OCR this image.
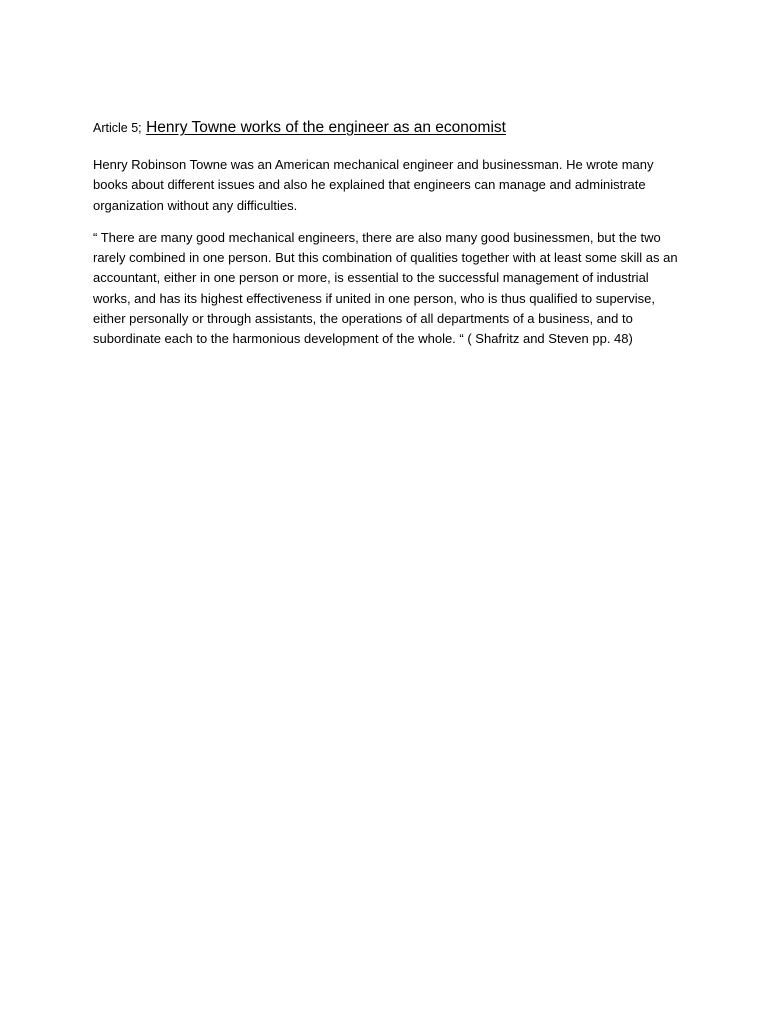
Article 5; Henry Towne works of the engineer as an economist

Henry Robinson Towne was an American mechanical engineer and businessman. He wrote many books about different issues and also he explained that engineers can manage and administrate organization without any difficulties.

“ There are many good mechanical engineers, there are also many good businessmen, but the two rarely combined in one person. But this combination of qualities together with at least some skill as an accountant, either in one person or more, is essential to the successful management of industrial works, and has its highest effectiveness if united in one person, who is thus qualified to supervise, either personally or through assistants, the operations of all departments of a business, and to subordinate each to the harmonious development of the whole. “ ( Shafritz and Steven pp. 48)
